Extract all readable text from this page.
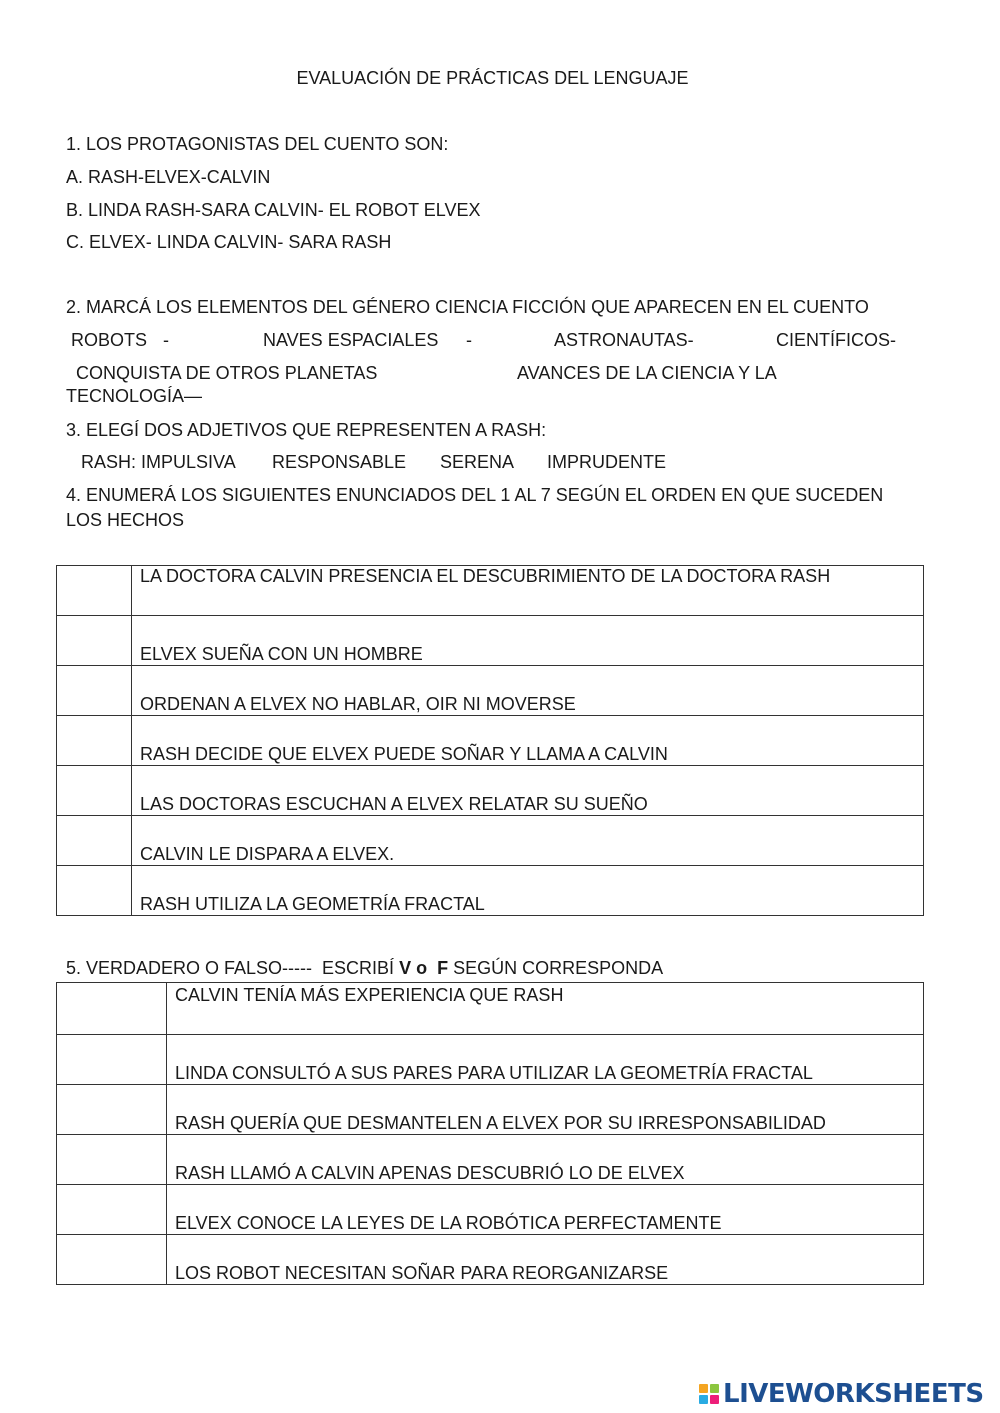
EVALUACIÓN DE PRÁCTICAS DEL LENGUAJE
1. LOS PROTAGONISTAS DEL CUENTO SON:
A. RASH-ELVEX-CALVIN
B. LINDA RASH-SARA CALVIN- EL ROBOT ELVEX
C. ELVEX- LINDA CALVIN- SARA RASH
2. MARCÁ LOS ELEMENTOS DEL GÉNERO CIENCIA FICCIÓN QUE APARECEN EN EL CUENTO
ROBOTS -	NAVES ESPACIALES -	ASTRONAUTAS-	CIENTÍFICOS-
CONQUISTA DE OTROS PLANETAS	AVANCES DE LA CIENCIA Y LA
TECNOLOGÍA—
3. ELEGÍ DOS ADJETIVOS QUE REPRESENTEN A RASH:
RASH: IMPULSIVA RESPONSABLE SERENA IMPRUDENTE
4. ENUMERÁ LOS SIGUIENTES ENUNCIADOS DEL 1 AL 7 SEGÚN EL ORDEN EN QUE SUCEDEN
LOS HECHOS
	LA DOCTORA CALVIN PRESENCIA EL DESCUBRIMIENTO DE LA DOCTORA RASH
	ELVEX SUEÑA CON UN HOMBRE
	ORDENAN A ELVEX NO HABLAR, OIR NI MOVERSE
	RASH DECIDE QUE ELVEX PUEDE SOÑAR Y LLAMA A CALVIN
	LAS DOCTORAS ESCUCHAN A ELVEX RELATAR SU SUEÑO
	CALVIN LE DISPARA A ELVEX.
	RASH UTILIZA LA GEOMETRÍA FRACTAL
5. VERDADERO O FALSO-----  ESCRIBÍ V o  F SEGÚN CORRESPONDA
	CALVIN TENÍA MÁS EXPERIENCIA QUE RASH
	LINDA CONSULTÓ A SUS PARES PARA UTILIZAR LA GEOMETRÍA FRACTAL
	RASH QUERÍA QUE DESMANTELEN A ELVEX POR SU IRRESPONSABILIDAD
	RASH LLAMÓ A CALVIN APENAS DESCUBRIÓ LO DE ELVEX
	ELVEX CONOCE LA LEYES DE LA ROBÓTICA PERFECTAMENTE
	LOS ROBOT NECESITAN SOÑAR PARA REORGANIZARSE
LIVEWORKSHEETS
